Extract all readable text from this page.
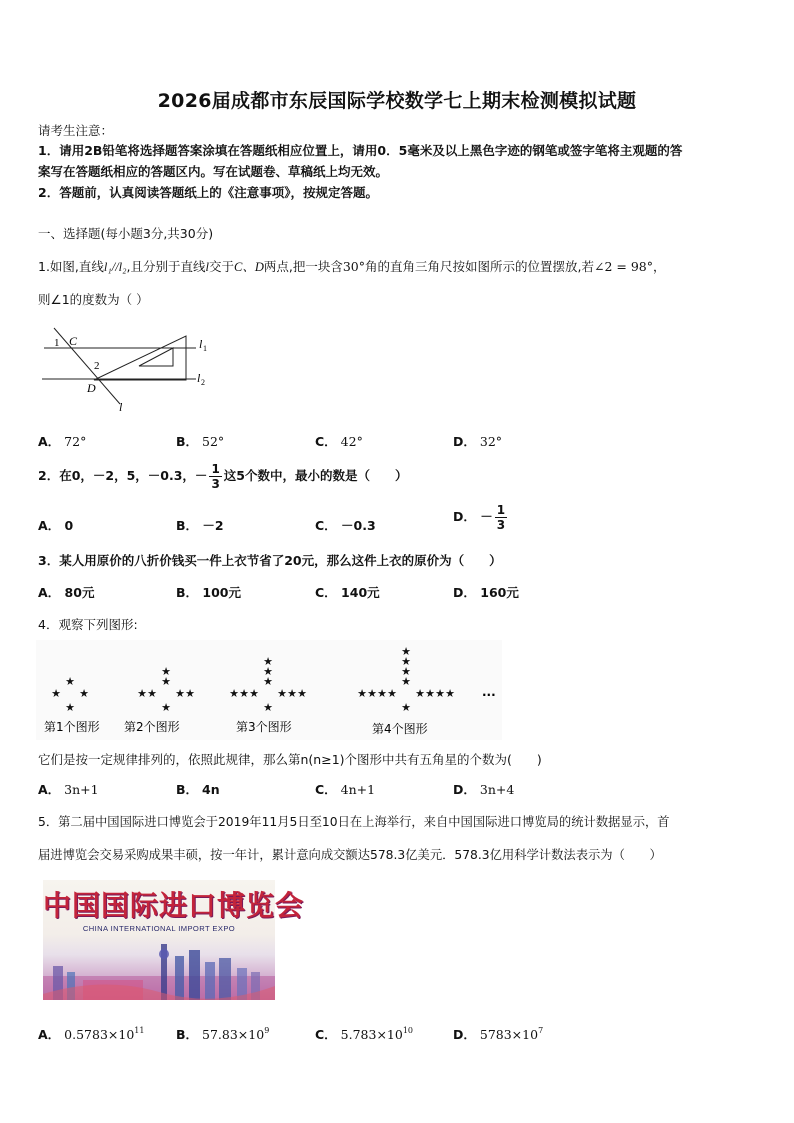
2026届成都市东辰国际学校数学七上期末检测模拟试题
请考生注意：
1．请用2B铅笔将选择题答案涂填在答题纸相应位置上，请用0．5毫米及以上黑色字迹的钢笔或签字笔将主观题的答
案写在答题纸相应的答题区内。写在试题卷、草稿纸上均无效。
2．答题前，认真阅读答题纸上的《注意事项》，按规定答题。
一、选择题(每小题3分,共30分)
1.如图,直线l₁//l₂,且分别于直线l交于C、D两点,把一块含30°角的直角三角尺按如图所示的位置摆放,若∠2 = 98°，
则∠1的度数为（ ）
1 C
2
D
l 1
l 2
l
A． 72°	B． 52°	C． 42°	D． 32°
2．在0，－2，5，－0.3，－ $\frac{1}{3}$ 这5个数中，最小的数是（　　）
A． 0	B． －2	C． －0.3
D． － $\frac{1}{3}$
3．某人用原价的八折价钱买一件上衣节省了20元，那么这件上衣的原价为（　　）
A． 80元	B． 100元	C． 140元	D． 160元
4．观察下列图形:
★ ★
★
★
★ ★
★	★
★
★
★
★ ★
★	★
★	★
★
★
★
★
★ ★
★	★
★	★
★	★
★
★
★
★
★
第1个图形 第2个图形	第3个图形	第4个图形
···
它们是按一定规律排列的，依照此规律，那么第n(n≥1)个图形中共有五角星的个数为(　　)
A． 3n+1	B． 4n	C． 4n+1	D． 3n+4
5．第二届中国国际进口博览会于2019年11月5日至10日在上海举行，来自中国国际进口博览局的统计数据显示，首
届进博览会交易采购成果丰硕，按一年计，累计意向成交额达578.3亿美元．578.3亿用科学计数法表示为（　　）
中国国际进口博览会
CHINA INTERNATIONAL IMPORT EXPO
A． $0.5783\times 10^{11}$	B． $57.83\times 10^9$	C． $5.783\times 10^{10}$	D． $5783\times 10^7$
